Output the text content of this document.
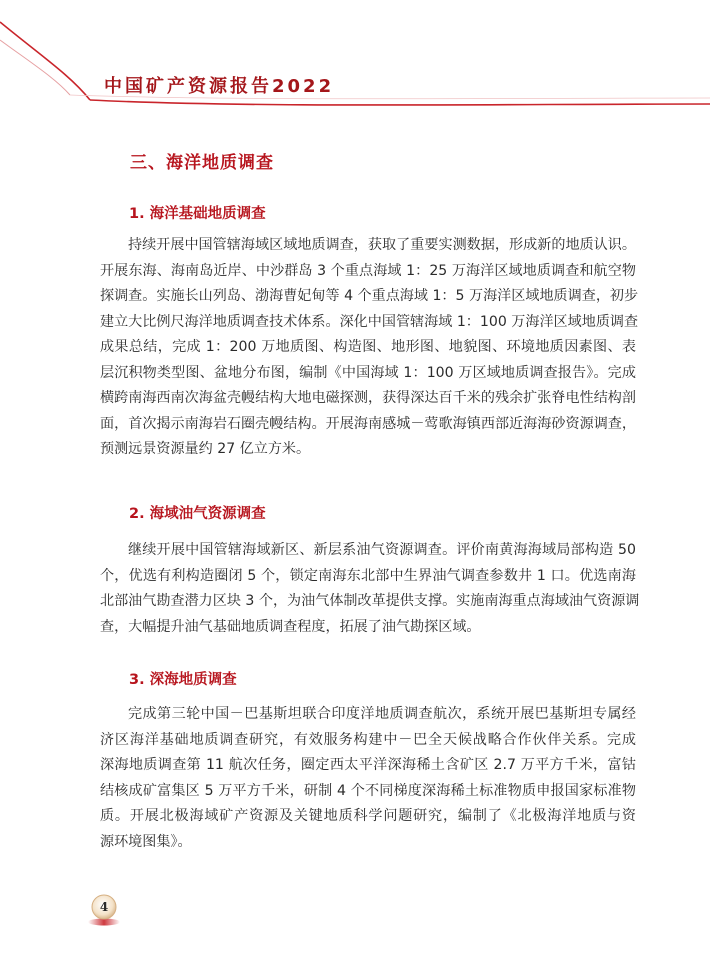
中国矿产资源报告2022
三、海洋地质调查
1. 海洋基础地质调查
持续开展中国管辖海域区域地质调查，获取了重要实测数据，形成新的地质认识。
开展东海、海南岛近岸、中沙群岛 3 个重点海域 1：25 万海洋区域地质调查和航空物
探调查。实施长山列岛、渤海曹妃甸等 4 个重点海域 1：5 万海洋区域地质调查，初步
建立大比例尺海洋地质调查技术体系。深化中国管辖海域 1：100 万海洋区域地质调查
成果总结，完成 1：200 万地质图、构造图、地形图、地貌图、环境地质因素图、表
层沉积物类型图、盆地分布图，编制《中国海域 1：100 万区域地质调查报告》。完成
横跨南海西南次海盆壳幔结构大地电磁探测，获得深达百千米的残余扩张脊电性结构剖
面，首次揭示南海岩石圈壳幔结构。开展海南感城－莺歌海镇西部近海海砂资源调查，
预测远景资源量约 27 亿立方米。
2. 海域油气资源调查
继续开展中国管辖海域新区、新层系油气资源调查。评价南黄海海域局部构造 50
个，优选有利构造圈闭 5 个，锁定南海东北部中生界油气调查参数井 1 口。优选南海
北部油气勘查潜力区块 3 个，为油气体制改革提供支撑。实施南海重点海域油气资源调
查，大幅提升油气基础地质调查程度，拓展了油气勘探区域。
3. 深海地质调查
完成第三轮中国－巴基斯坦联合印度洋地质调查航次，系统开展巴基斯坦专属经
济区海洋基础地质调查研究，有效服务构建中－巴全天候战略合作伙伴关系。完成
深海地质调查第 11 航次任务，圈定西太平洋深海稀土含矿区 2.7 万平方千米，富钴
结核成矿富集区 5 万平方千米，研制 4 个不同梯度深海稀土标准物质申报国家标准物
质。开展北极海域矿产资源及关键地质科学问题研究，编制了《北极海洋地质与资
源环境图集》。
4
